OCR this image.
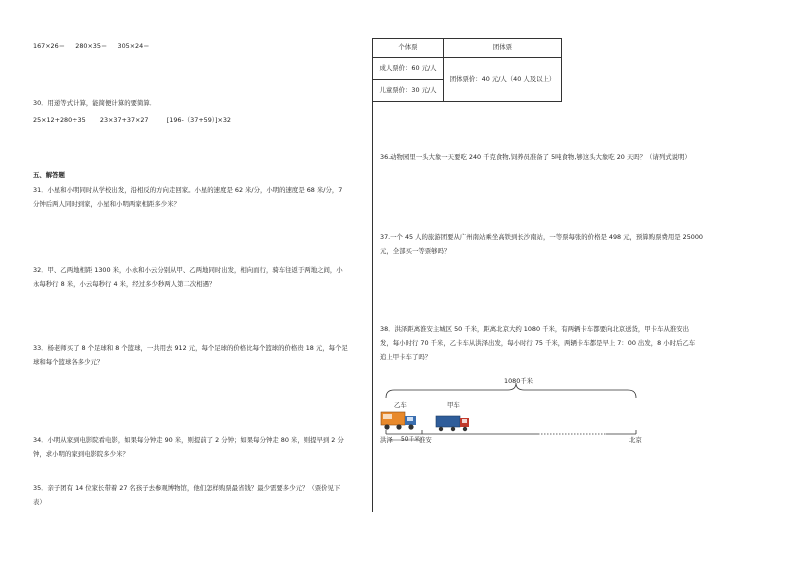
167×26＝ 280×35＝ 305×24＝
30．用递等式计算，能简便计算的要简算．
25×12+280÷35 23×37+37×27	[196-（37+59）]×32
五、解答题
31．小星和小明同时从学校出发，沿相反的方向走回家。小星的速度是 62 米/分，小明的速度是 68 米/分，7
分钟后两人同时到家，小星和小明两家相距多少米？
32．甲、乙两地相距 1300 米，小永和小云分别从甲、乙两地同时出发，相向而行，骑车往返于两地之间，小
永每秒行 8 米，小云每秒行 4 米，经过多少秒两人第二次相遇？
33．杨老师买了 8 个足球和 8 个篮球，一共用去 912 元，每个足球的价格比每个篮球的价格贵 18 元，每个足
球和每个篮球各多少元？
34．小明从家到电影院看电影，如果每分钟走 90 米，则提前了 2 分钟；如果每分钟走 80 米，则提早到 2 分
钟，求小明的家到电影院多少米？
35．亲子团有 14 位家长带着 27 名孩子去参观博物馆，他们怎样购票最省钱？最少需要多少元？（票价见下
表）
个体票	团体票
成人票价：60 元/人	团体票价：40 元/人（40 人及以上）
儿童票价：30 元/人	
36.动物园里一头大象一天要吃 240 千克食物,饲养员准备了 5吨食物,够这头大象吃 20 天吗？（请列式说明）
37.一个 45 人的旅游团要从广州南站乘坐高铁到长沙南站，一等票每张的价格是 498 元，预算购票费用是 25000
元，全部买一等票够吗？
38．洪泽距离淮安主城区 50 千米，距离北京大约 1080 千米，有两辆卡车都要向北京送货，甲卡车从淮安出
发，每小时行 70 千米，乙卡车从洪泽出发，每小时行 75 千米，两辆卡车都是早上 7：00 出发，8 小时后乙车
追上甲卡车了吗？
1080千米
乙车	甲车
洪泽 50千米 淮安	北京
